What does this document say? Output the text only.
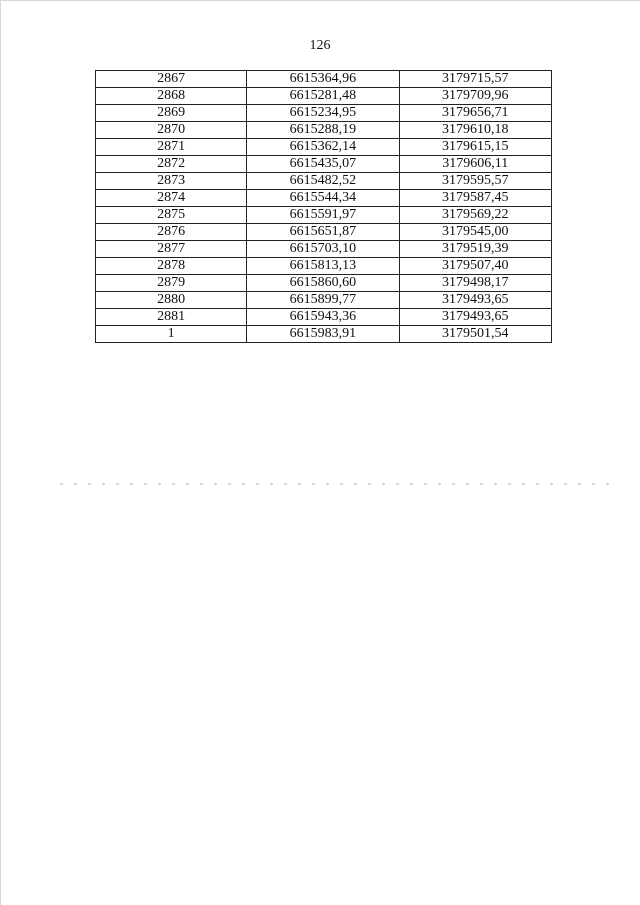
126
2867	6615364,96	3179715,57
2868	6615281,48	3179709,96
2869	6615234,95	3179656,71
2870	6615288,19	3179610,18
2871	6615362,14	3179615,15
2872	6615435,07	3179606,11
2873	6615482,52	3179595,57
2874	6615544,34	3179587,45
2875	6615591,97	3179569,22
2876	6615651,87	3179545,00
2877	6615703,10	3179519,39
2878	6615813,13	3179507,40
2879	6615860,60	3179498,17
2880	6615899,77	3179493,65
2881	6615943,36	3179493,65
1	6615983,91	3179501,54
